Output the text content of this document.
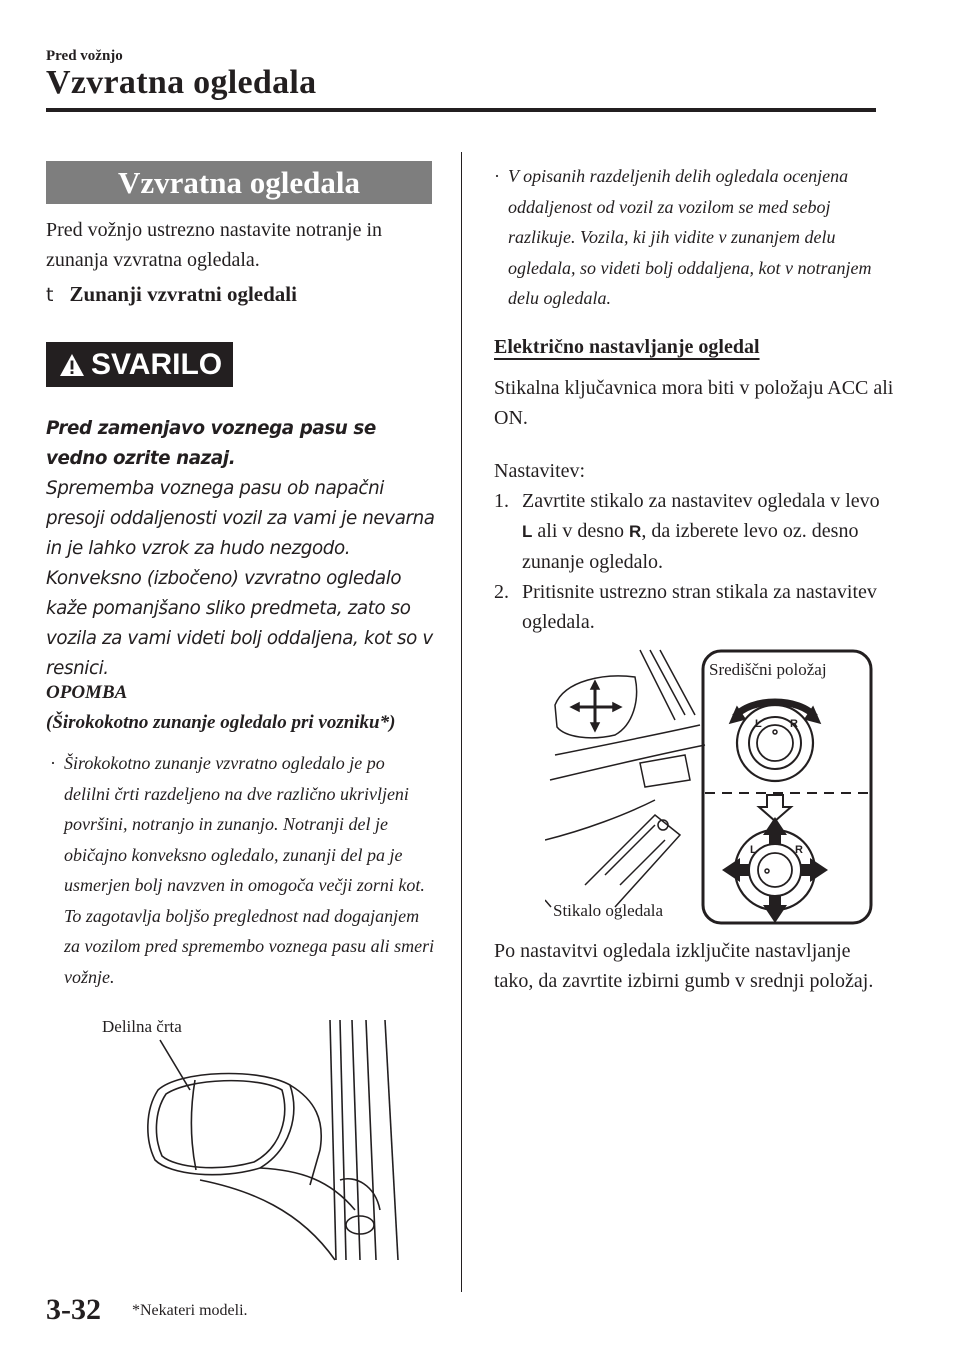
Pred vožnjo
Vzvratna ogledala
Vzvratna ogledala
Pred vožnjo ustrezno nastavite notranje in zunanja vzvratna ogledala.
t Zunanji vzvratni ogledali
SVARILO
Pred zamenjavo voznega pasu se vedno ozrite nazaj.
Sprememba voznega pasu ob napačni presoji oddaljenosti vozil za vami je nevarna in je lahko vzrok za hudo nezgodo. Konveksno (izbočeno) vzvratno ogledalo kaže pomanjšano sliko predmeta, zato so vozila za vami videti bolj oddaljena, kot so v resnici.
OPOMBA
(Širokokotno zunanje ogledalo pri vozniku*)
· Širokokotno zunanje vzvratno ogledalo je po delilni črti razdeljeno na dve različno ukrivljeni površini, notranjo in zunanjo. Notranji del je običajno konveksno ogledalo, zunanji del pa je usmerjen bolj navzven in omogoča večji zorni kot. To zagotavlja boljšo preglednost nad dogajanjem za vozilom pred spremembo voznega pasu ali smeri vožnje.
Delilna črta
· V opisanih razdeljenih delih ogledala ocenjena oddaljenost od vozil za vozilom se med seboj razlikuje. Vozila, ki jih vidite v zunanjem delu ogledala, so videti bolj oddaljena, kot v notranjem delu ogledala.
Električno nastavljanje ogledal
Stikalna ključavnica mora biti v položaju ACC ali ON.
Nastavitev:
1. Zavrtite stikalo za nastavitev ogledala v levo L ali v desno R, da izberete levo oz. desno zunanje ogledalo.
2. Pritisnite ustrezno stran stikala za nastavitev ogledala.
L	R
L	R
Središčni položaj
Stikalo ogledala
Po nastavitvi ogledala izključite nastavljanje tako, da zavrtite izbirni gumb v srednji položaj.
3-32 *Nekateri modeli.
